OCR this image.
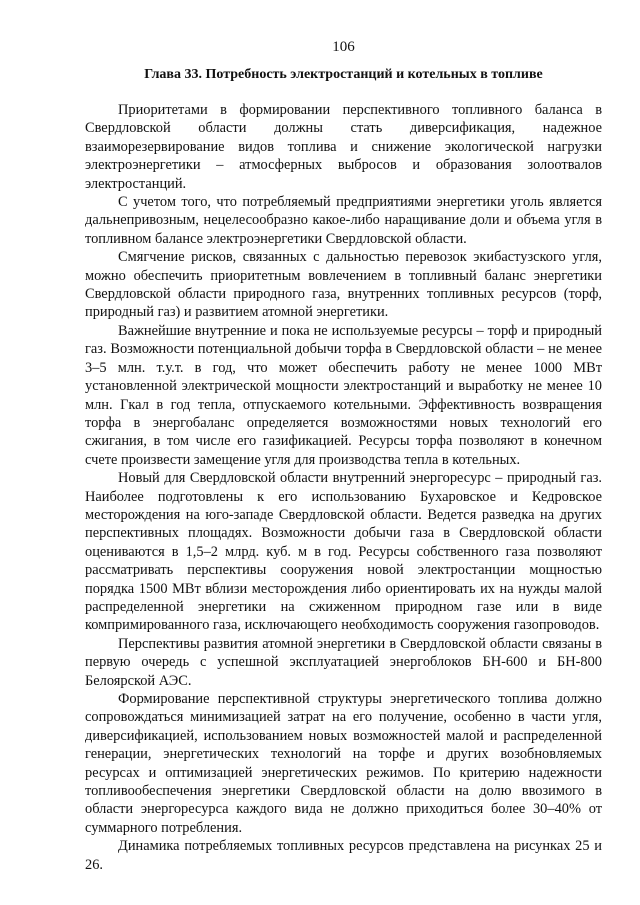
106
Глава 33. Потребность электростанций и котельных в топливе

Приоритетами в формировании перспективного топливного баланса в Свердловской области должны стать диверсификация, надежное взаиморезервирование видов топлива и снижение экологической нагрузки электроэнергетики – атмосферных выбросов и образования золоотвалов электростанций.

С учетом того, что потребляемый предприятиями энергетики уголь является дальнепривозным, нецелесообразно какое-либо наращивание доли и объема угля в топливном балансе электроэнергетики Свердловской области.

Смягчение рисков, связанных с дальностью перевозок экибастузского угля, можно обеспечить приоритетным вовлечением в топливный баланс энергетики Свердловской области природного газа, внутренних топливных ресурсов (торф, природный газ) и развитием атомной энергетики.

Важнейшие внутренние и пока не используемые ресурсы – торф и природный газ. Возможности потенциальной добычи торфа в Свердловской области – не менее 3–5 млн. т.у.т. в год, что может обеспечить работу не менее 1000 МВт установленной электрической мощности электростанций и выработку не менее 10 млн. Гкал в год тепла, отпускаемого котельными. Эффективность возвращения торфа в энергобаланс определяется возможностями новых технологий его сжигания, в том числе его газификацией. Ресурсы торфа позволяют в конечном счете произвести замещение угля для производства тепла в котельных.

Новый для Свердловской области внутренний энергоресурс – природный газ. Наиболее подготовлены к его использованию Бухаровское и Кедровское месторождения на юго-западе Свердловской области. Ведется разведка на других перспективных площадях. Возможности добычи газа в Свердловской области оцениваются в 1,5–2 млрд. куб. м в год. Ресурсы собственного газа позволяют рассматривать перспективы сооружения новой электростанции мощностью порядка 1500 МВт вблизи месторождения либо ориентировать их на нужды малой распределенной энергетики на сжиженном природном газе или в виде компримированного газа, исключающего необходимость сооружения газопроводов.

Перспективы развития атомной энергетики в Свердловской области связаны в первую очередь с успешной эксплуатацией энергоблоков БН-600 и БН-800 Белоярской АЭС.

Формирование перспективной структуры энергетического топлива должно сопровождаться минимизацией затрат на его получение, особенно в части угля, диверсификацией, использованием новых возможностей малой и распределенной генерации, энергетических технологий на торфе и других возобновляемых ресурсах и оптимизацией энергетических режимов. По критерию надежности топливообеспечения энергетики Свердловской области на долю ввозимого в области энергоресурса каждого вида не должно приходиться более 30–40% от суммарного потребления.

Динамика потребляемых топливных ресурсов представлена на рисунках 25 и 26.
